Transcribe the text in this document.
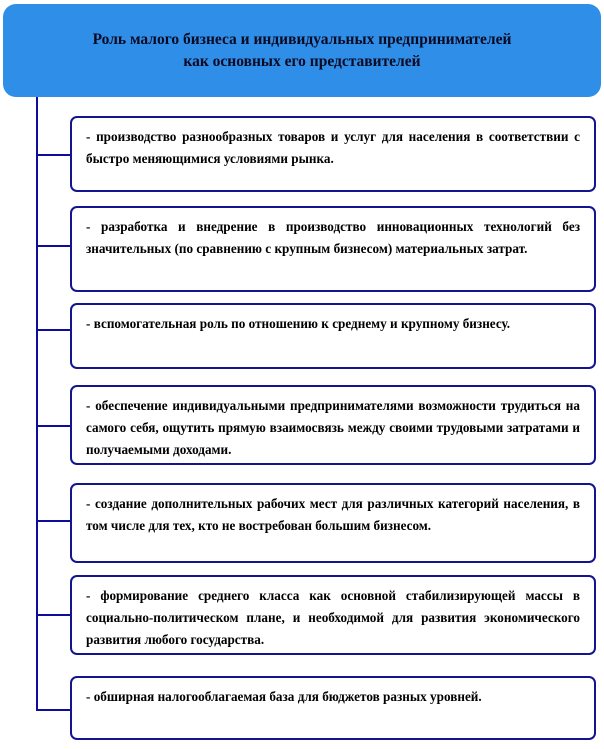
Роль малого бизнеса и индивидуальных предпринимателей
как основных его представителей
- производство разнообразных товаров и услуг для населения в соответствии с быстро меняющимися условиями рынка.
- разработка и внедрение в производство инновационных технологий без значительных (по сравнению с крупным бизнесом) материальных затрат.
- вспомогательная роль по отношению к среднему и крупному бизнесу.
- обеспечение индивидуальными предпринимателями возможности трудиться на самого себя, ощутить прямую взаимосвязь между своими трудовыми затратами и получаемыми доходами.
- создание дополнительных рабочих мест для различных категорий населения, в том числе для тех, кто не востребован большим бизнесом.
- формирование среднего класса как основной стабилизирующей массы в социально-политическом плане, и необходимой для развития экономического развития любого государства.
- обширная налогооблагаемая база для бюджетов разных уровней.
